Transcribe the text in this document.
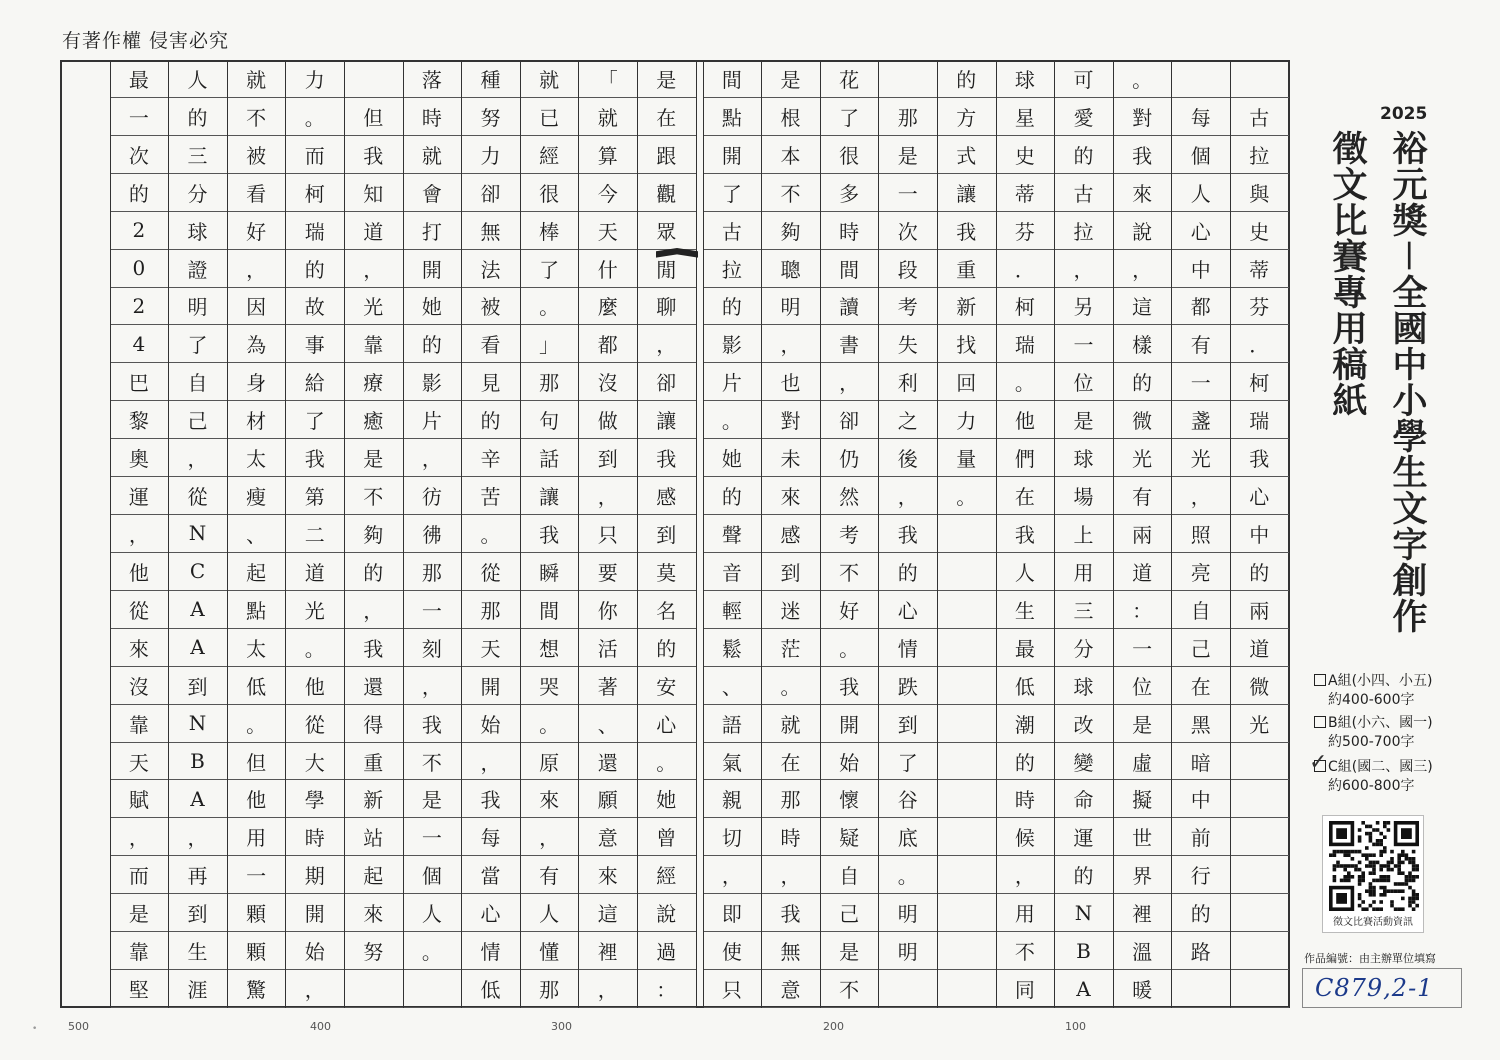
有著作權 侵害必究

古
拉
與
史
蒂
芬
．
柯
瑞
我
心
中
的
兩
道
微
光

每
個
人
心
中
都
有
一
盞
光
，
照
亮
自
己
在
黑
暗
中
前
行
的
路
。
對
我
來
說
，
這
樣
的
微
光
有
兩
道
：
一
位
是
虛
擬
世
界
裡
溫
暖
可
愛
的
古
拉
，
另
一
位
是
球
場
上
用
三
分
球
改
變
命
運
的
N
B
A
球
星
史
蒂
芬
．
柯
瑞
。
他
們
在
我
人
生
最
低
潮
的
時
候
，
用
不
同
的
方
式
讓
我
重
新
找
回
力
量
。

那
是
一
次
段
考
失
利
之
後
，
我
的
心
情
跌
到
了
谷
底
。
明
明
花
了
很
多
時
間
讀
書
，
卻
仍
然
考
不
好
。
我
開
始
懷
疑
自
己
是
不
是
根
本
不
夠
聰
明
，
也
對
未
來
感
到
迷
茫
。
就
在
那
時
，
我
無
意
間
點
開
了
古
拉
的
影
片
。
她
的
聲
音
輕
鬆
、
語
氣
親
切
，
即
使
只
是
在
跟
觀
眾
閒
聊
，
卻
讓
我
感
到
莫
名
的
安
心
。
她
曾
經
說
過
：
「
就
算
今
天
什
麼
都
沒
做
到
，
只
要
你
活
著
、
還
願
意
來
這
裡
，
就
已
經
很
棒
了
。
」
那
句
話
讓
我
瞬
間
想
哭
。
原
來
，
有
人
懂
那
種
努
力
卻
無
法
被
看
見
的
辛
苦
。
從
那
天
開
始
，
我
每
當
心
情
低
落
時
就
會
打
開
她
的
影
片
，
彷
彿
那
一
刻
，
我
不
是
一
個
人
。

但
我
知
道
，
光
靠
療
癒
是
不
夠
的
，
我
還
得
重
新
站
起
來
努
力
。
而
柯
瑞
的
故
事
給
了
我
第
二
道
光
。
他
從
大
學
時
期
開
始
，
就
不
被
看
好
，
因
為
身
材
太
瘦
、
起
點
太
低
。
但
他
用
一
顆
顆
驚
人
的
三
分
球
證
明
了
自
己
，
從
N
C
A
A
到
N
B
A
，
再
到
生
涯
最
一
次
的
2
0
2
4
巴
黎
奧
運
，
他
從
來
沒
靠
天
賦
，
而
是
靠
堅
500	400	300	200	100
2025
裕元獎－全國中小學生文字創作
徵文比賽專用稿紙
A組(小四、小五)
約400-600字
B組(小六、國一)
約500-700字
C組(國二、國三)
約600-800字
✓
徵文比賽活動資訊
作品編號：由主辦單位填寫
C879,2-1
•
